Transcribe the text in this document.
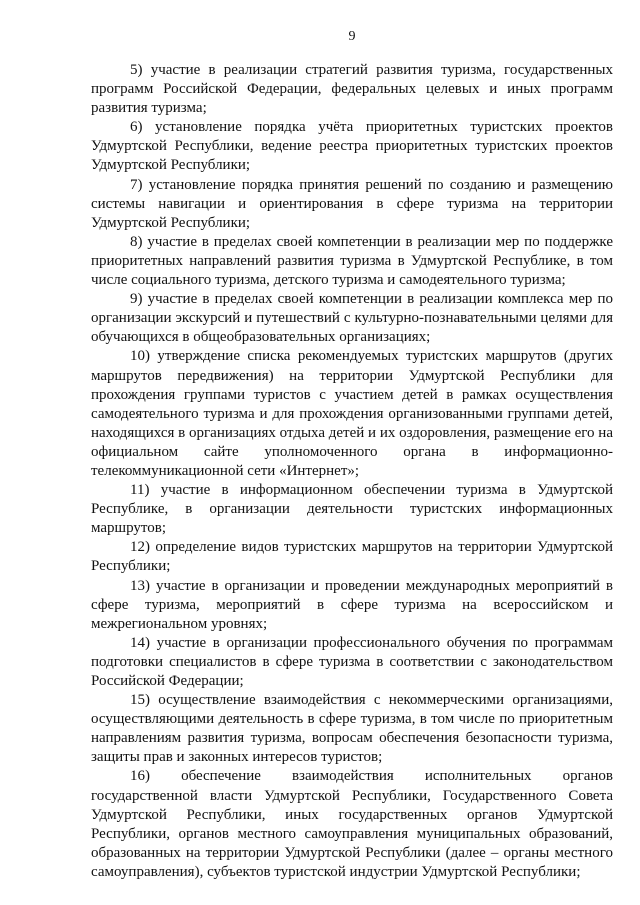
9

5) участие в реализации стратегий развития туризма, государственных программ Российской Федерации, федеральных целевых и иных программ развития туризма;

6) установление порядка учёта приоритетных туристских проектов Удмуртской Республики, ведение реестра приоритетных туристских проектов Удмуртской Республики;

7) установление порядка принятия решений по созданию и размещению системы навигации и ориентирования в сфере туризма на территории Удмуртской Республики;

8) участие в пределах своей компетенции в реализации мер по поддержке приоритетных направлений развития туризма в Удмуртской Республике, в том числе социального туризма, детского туризма и самодеятельного туризма;

9) участие в пределах своей компетенции в реализации комплекса мер по организации экскурсий и путешествий с культурно-познавательными целями для обучающихся в общеобразовательных организациях;

10) утверждение списка рекомендуемых туристских маршрутов (других маршрутов передвижения) на территории Удмуртской Республики для прохождения группами туристов с участием детей в рамках осуществления самодеятельного туризма и для прохождения организованными группами детей, находящихся в организациях отдыха детей и их оздоровления, размещение его на официальном сайте уполномоченного органа в информационно-телекоммуникационной сети «Интернет»;

11) участие в информационном обеспечении туризма в Удмуртской Республике, в организации деятельности туристских информационных маршрутов;

12) определение видов туристских маршрутов на территории Удмуртской Республики;

13) участие в организации и проведении международных мероприятий в сфере туризма, мероприятий в сфере туризма на всероссийском и межрегиональном уровнях;

14) участие в организации профессионального обучения по программам подготовки специалистов в сфере туризма в соответствии с законодательством Российской Федерации;

15) осуществление взаимодействия с некоммерческими организациями, осуществляющими деятельность в сфере туризма, в том числе по приоритетным направлениям развития туризма, вопросам обеспечения безопасности туризма, защиты прав и законных интересов туристов;

16) обеспечение взаимодействия исполнительных органов государственной власти Удмуртской Республики, Государственного Совета Удмуртской Республики, иных государственных органов Удмуртской Республики, органов местного самоуправления муниципальных образований, образованных на территории Удмуртской Республики (далее – органы местного самоуправления), субъектов туристской индустрии Удмуртской Республики;
